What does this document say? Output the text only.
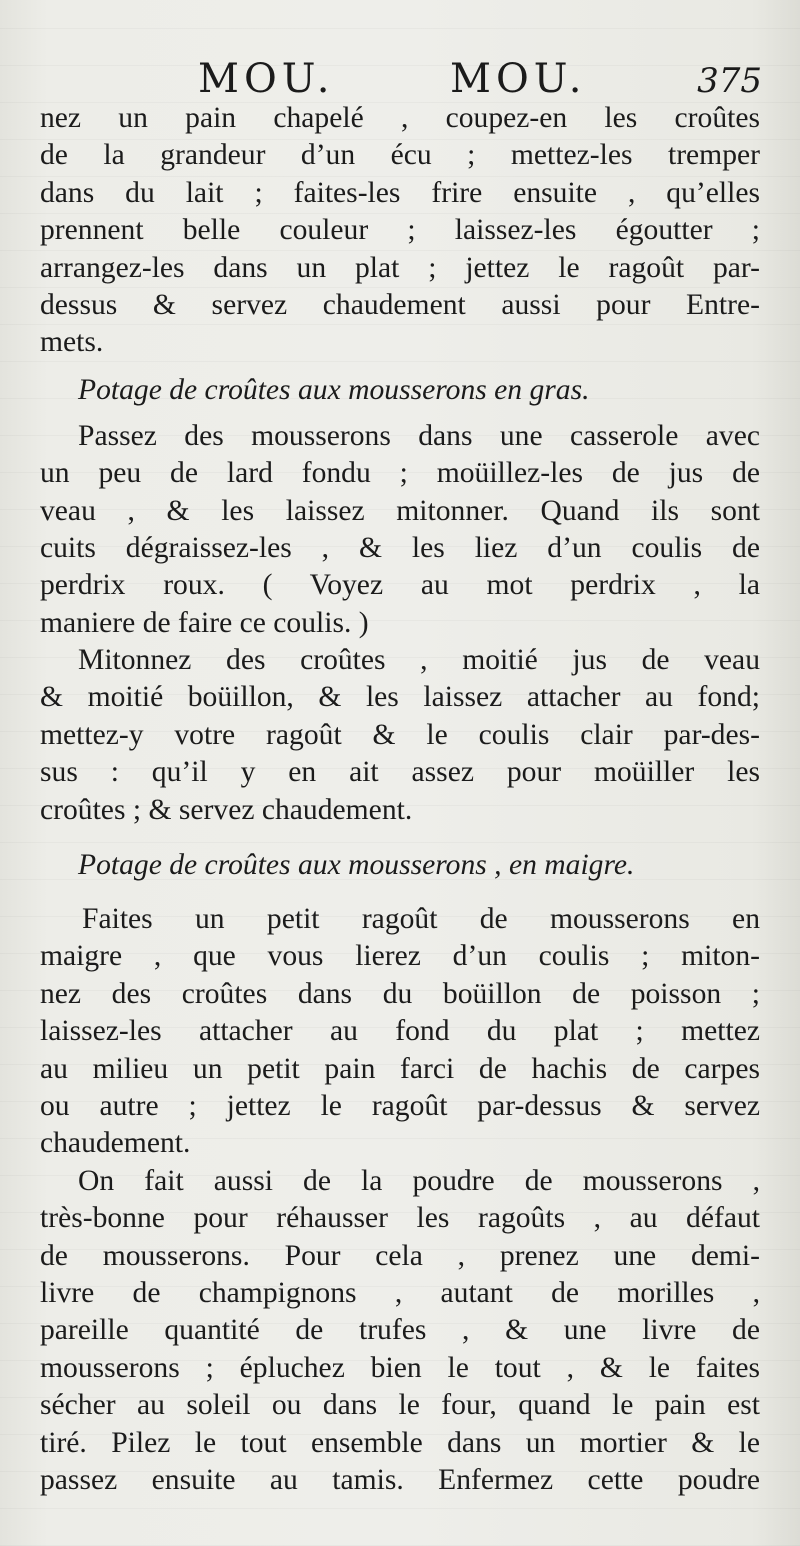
MOU.	MOU.	375
nez un pain chapelé , coupez-en les croûtes
de la grandeur d’un écu ; mettez-les tremper
dans du lait ; faites-les frire ensuite , qu’elles
prennent belle couleur ; laissez-les égoutter ;
arrangez-les dans un plat ; jettez le ragoût par-
dessus & servez chaudement aussi pour Entre-
mets.
Potage de croûtes aux mousserons en gras.
Passez des mousserons dans une casserole avec
un peu de lard fondu ; moüillez-les de jus de
veau , & les laissez mitonner. Quand ils sont
cuits dégraissez-les , & les liez d’un coulis de
perdrix roux. ( Voyez au mot perdrix , la
maniere de faire ce coulis. )
Mitonnez des croûtes , moitié jus de veau
& moitié boüillon, & les laissez attacher au fond;
mettez-y votre ragoût & le coulis clair par-des-
sus : qu’il y en ait assez pour moüiller les
croûtes ; & servez chaudement.
Potage de croûtes aux mousserons , en maigre.
Faites un petit ragoût de mousserons en
maigre , que vous lierez d’un coulis ; miton-
nez des croûtes dans du boüillon de poisson ;
laissez-les attacher au fond du plat ; mettez
au milieu un petit pain farci de hachis de carpes
ou autre ; jettez le ragoût par-dessus & servez
chaudement.
On fait aussi de la poudre de mousserons ,
très-bonne pour réhausser les ragoûts , au défaut
de mousserons. Pour cela , prenez une demi-
livre de champignons , autant de morilles ,
pareille quantité de trufes , & une livre de
mousserons ; épluchez bien le tout , & le faites
sécher au soleil ou dans le four, quand le pain est
tiré. Pilez le tout ensemble dans un mortier & le
passez ensuite au tamis. Enfermez cette poudre
